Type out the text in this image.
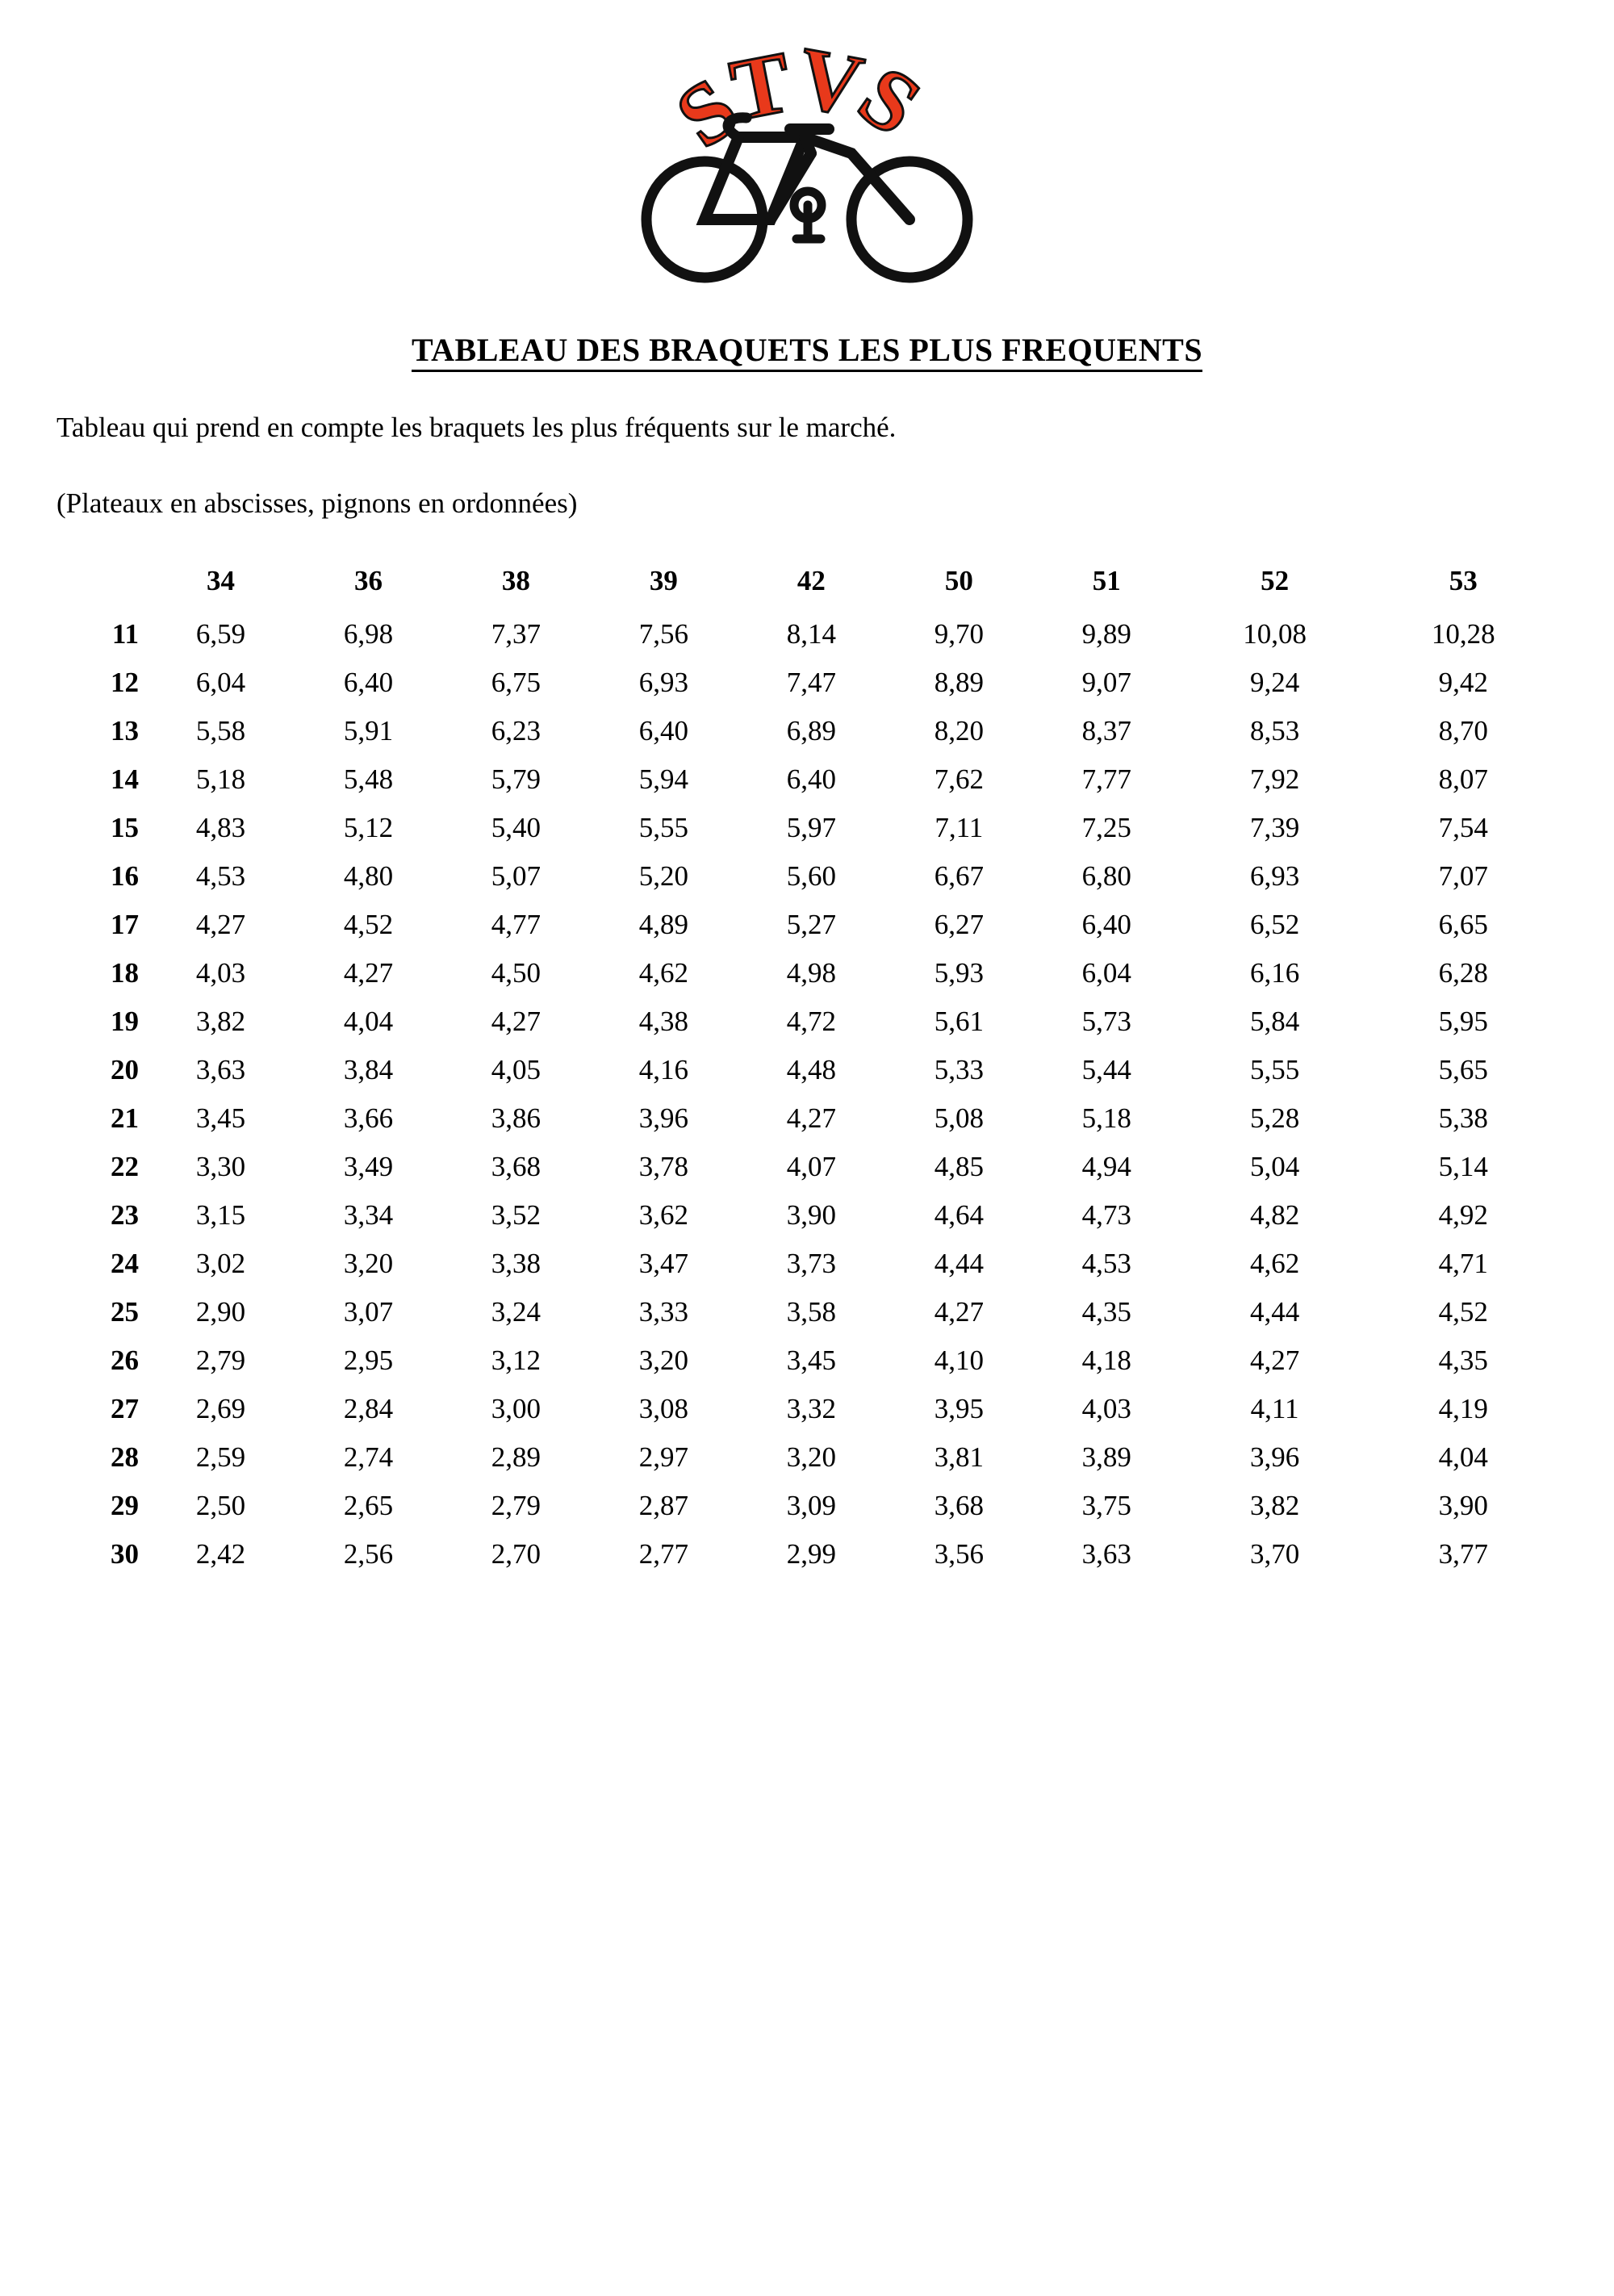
STVS
TABLEAU DES BRAQUETS LES PLUS FREQUENTS

Tableau qui prend en compte les braquets les plus fréquents sur le marché.

(Plateaux en abscisses, pignons en ordonnées)

	34	36	38	39	42	50	51	52	53
11	6,59	6,98	7,37	7,56	8,14	9,70	9,89	10,08	10,28
12	6,04	6,40	6,75	6,93	7,47	8,89	9,07	9,24	9,42
13	5,58	5,91	6,23	6,40	6,89	8,20	8,37	8,53	8,70
14	5,18	5,48	5,79	5,94	6,40	7,62	7,77	7,92	8,07
15	4,83	5,12	5,40	5,55	5,97	7,11	7,25	7,39	7,54
16	4,53	4,80	5,07	5,20	5,60	6,67	6,80	6,93	7,07
17	4,27	4,52	4,77	4,89	5,27	6,27	6,40	6,52	6,65
18	4,03	4,27	4,50	4,62	4,98	5,93	6,04	6,16	6,28
19	3,82	4,04	4,27	4,38	4,72	5,61	5,73	5,84	5,95
20	3,63	3,84	4,05	4,16	4,48	5,33	5,44	5,55	5,65
21	3,45	3,66	3,86	3,96	4,27	5,08	5,18	5,28	5,38
22	3,30	3,49	3,68	3,78	4,07	4,85	4,94	5,04	5,14
23	3,15	3,34	3,52	3,62	3,90	4,64	4,73	4,82	4,92
24	3,02	3,20	3,38	3,47	3,73	4,44	4,53	4,62	4,71
25	2,90	3,07	3,24	3,33	3,58	4,27	4,35	4,44	4,52
26	2,79	2,95	3,12	3,20	3,45	4,10	4,18	4,27	4,35
27	2,69	2,84	3,00	3,08	3,32	3,95	4,03	4,11	4,19
28	2,59	2,74	2,89	2,97	3,20	3,81	3,89	3,96	4,04
29	2,50	2,65	2,79	2,87	3,09	3,68	3,75	3,82	3,90
30	2,42	2,56	2,70	2,77	2,99	3,56	3,63	3,70	3,77
